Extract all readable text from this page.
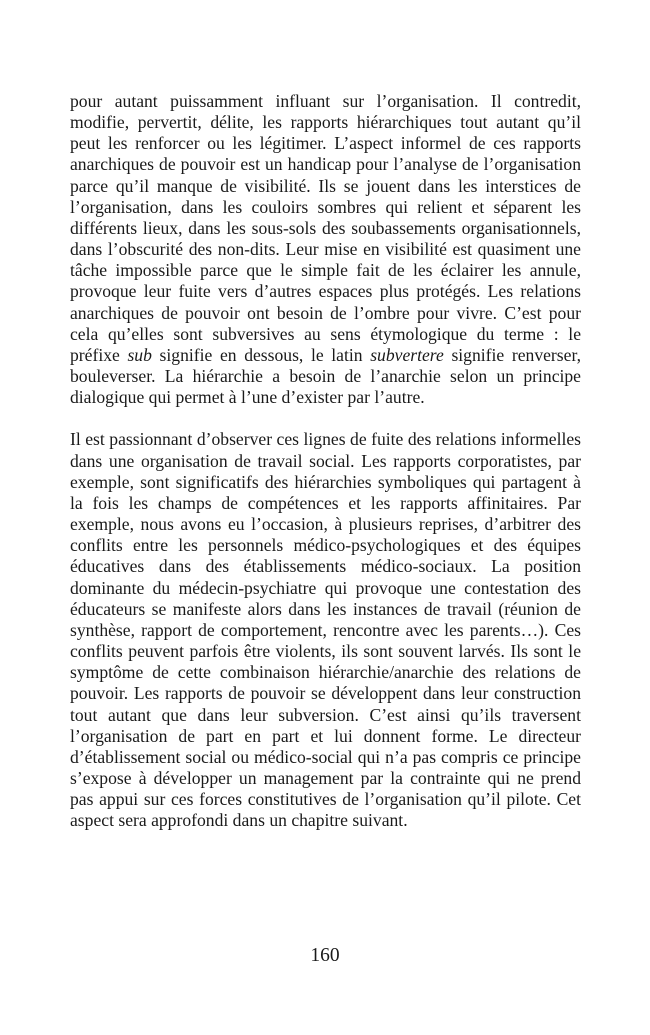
pour autant puissamment influant sur l’organisation. Il contredit, modifie, pervertit, délite, les rapports hiérarchiques tout autant qu’il peut les renforcer ou les légitimer. L’aspect informel de ces rapports anarchiques de pouvoir est un handicap pour l’analyse de l’organisation parce qu’il manque de visibilité. Ils se jouent dans les interstices de l’organisation, dans les couloirs sombres qui relient et séparent les différents lieux, dans les sous-sols des soubassements organisationnels, dans l’obscurité des non-dits. Leur mise en visibilité est quasiment une tâche impossible parce que le simple fait de les éclairer les annule, provoque leur fuite vers d’autres espaces plus protégés. Les relations anarchiques de pouvoir ont besoin de l’ombre pour vivre. C’est pour cela qu’elles sont subversives au sens étymologique du terme : le préfixe sub signifie en dessous, le latin subvertere signifie renverser, bouleverser. La hiérarchie a besoin de l’anarchie selon un principe dialogique qui permet à l’une d’exister par l’autre.

Il est passionnant d’observer ces lignes de fuite des relations informelles dans une organisation de travail social. Les rapports corporatistes, par exemple, sont significatifs des hiérarchies symboliques qui partagent à la fois les champs de compétences et les rapports affinitaires. Par exemple, nous avons eu l’occasion, à plusieurs reprises, d’arbitrer des conflits entre les personnels médico-psychologiques et des équipes éducatives dans des établissements médico-sociaux. La position dominante du médecin-psychiatre qui provoque une contestation des éducateurs se manifeste alors dans les instances de travail (réunion de synthèse, rapport de comportement, rencontre avec les parents…). Ces conflits peuvent parfois être violents, ils sont souvent larvés. Ils sont le symptôme de cette combinaison hiérarchie/anarchie des relations de pouvoir. Les rapports de pouvoir se développent dans leur construction tout autant que dans leur subversion. C’est ainsi qu’ils traversent l’organisation de part en part et lui donnent forme. Le directeur d’établissement social ou médico-social qui n’a pas compris ce principe s’expose à développer un management par la contrainte qui ne prend pas appui sur ces forces constitutives de l’organisation qu’il pilote. Cet aspect sera approfondi dans un chapitre suivant.

160
